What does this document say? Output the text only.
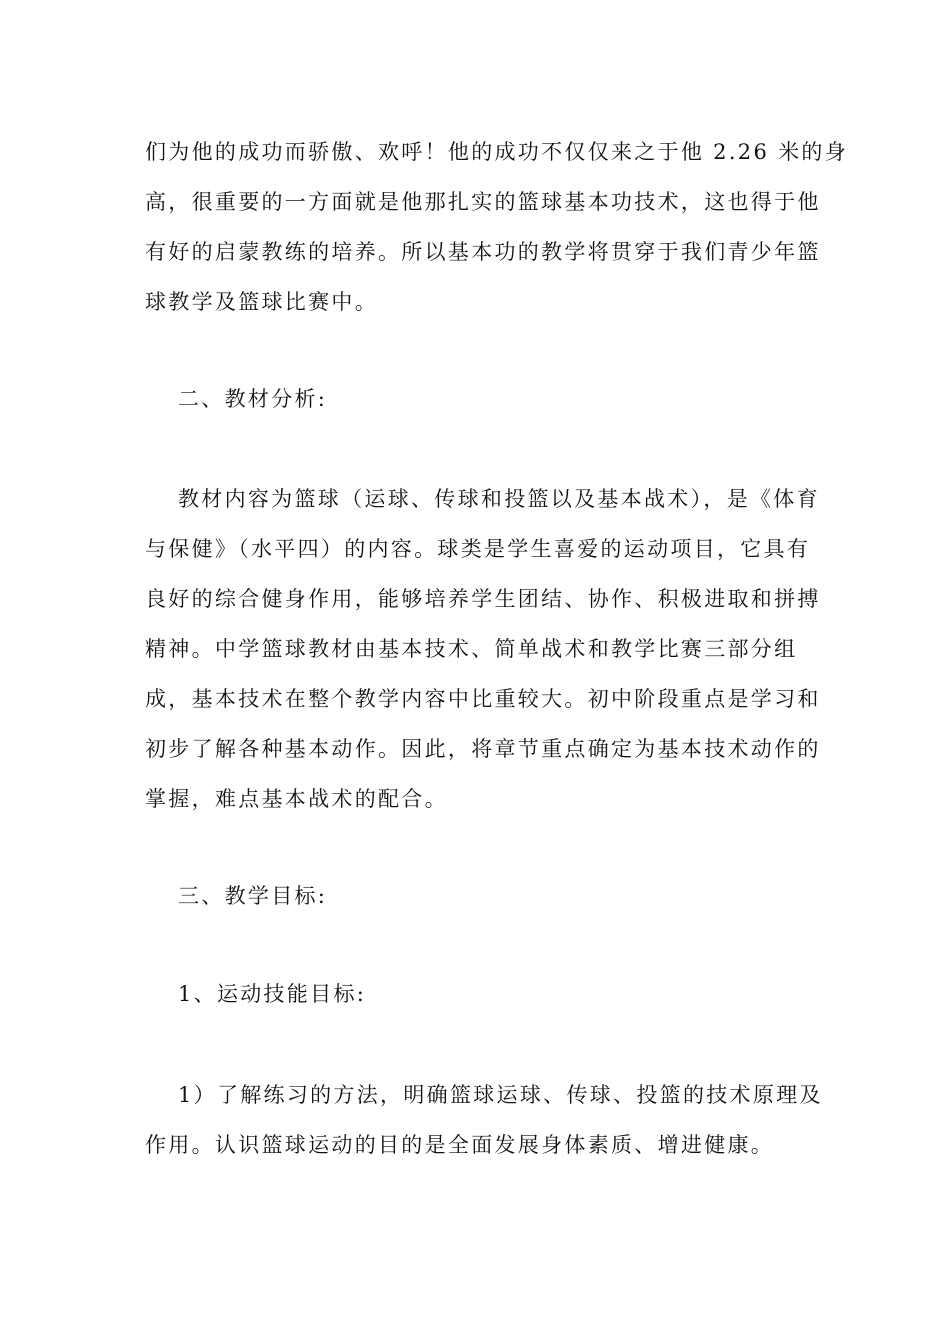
们为他的成功而骄傲、欢呼！他的成功不仅仅来之于他 2.26 米的身
高，很重要的一方面就是他那扎实的篮球基本功技术，这也得于他
有好的启蒙教练的培养。所以基本功的教学将贯穿于我们青少年篮
球教学及篮球比赛中。
二、教材分析:
教材内容为篮球（运球、传球和投篮以及基本战术），是《体育
与保健》（水平四）的内容。球类是学生喜爱的运动项目，它具有
良好的综合健身作用，能够培养学生团结、协作、积极进取和拼搏
精神。中学篮球教材由基本技术、简单战术和教学比赛三部分组
成，基本技术在整个教学内容中比重较大。初中阶段重点是学习和
初步了解各种基本动作。因此，将章节重点确定为基本技术动作的
掌握，难点基本战术的配合。
三、教学目标:
1、运动技能目标:
1）了解练习的方法，明确篮球运球、传球、投篮的技术原理及
作用。认识篮球运动的目的是全面发展身体素质、增进健康。
